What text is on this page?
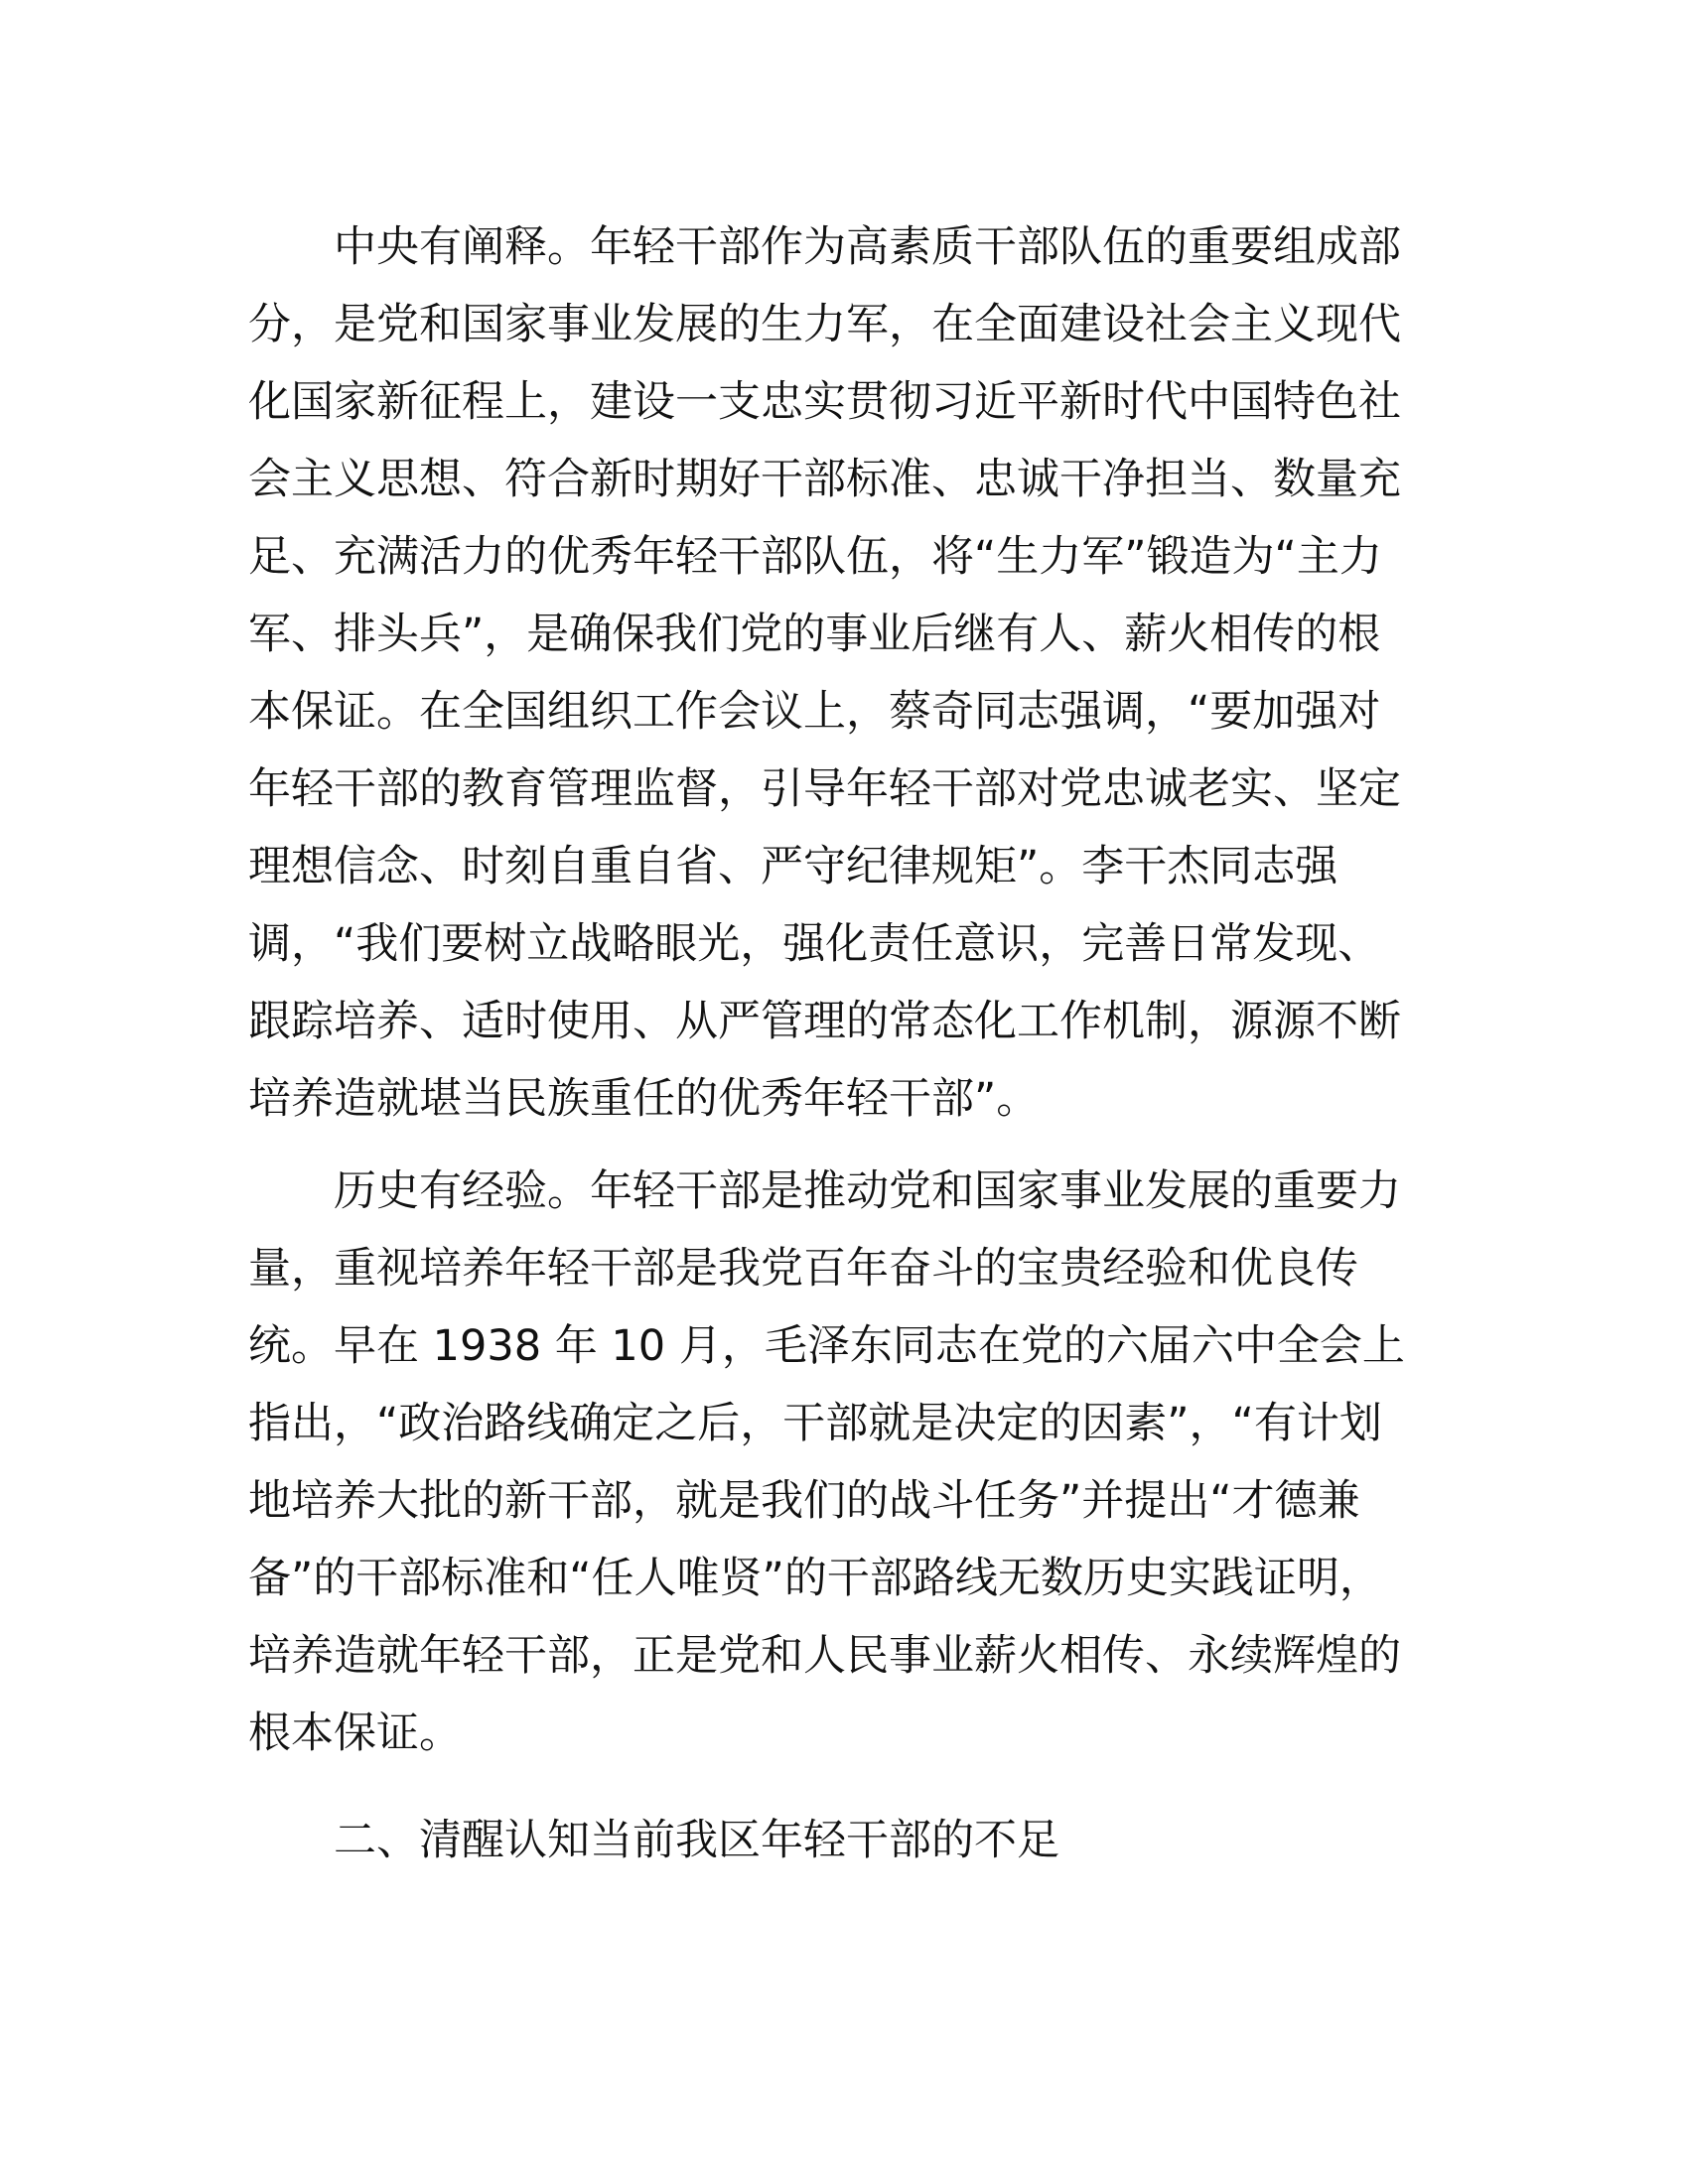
中央有阐释。年轻干部作为高素质干部队伍的重要组成部
分，是党和国家事业发展的生力军，在全面建设社会主义现代
化国家新征程上，建设一支忠实贯彻习近平新时代中国特色社
会主义思想、符合新时期好干部标准、忠诚干净担当、数量充
足、充满活力的优秀年轻干部队伍，将“生力军”锻造为“主力
军、排头兵”，是确保我们党的事业后继有人、薪火相传的根
本保证。在全国组织工作会议上，蔡奇同志强调，“要加强对
年轻干部的教育管理监督，引导年轻干部对党忠诚老实、坚定
理想信念、时刻自重自省、严守纪律规矩”。李干杰同志强
调，“我们要树立战略眼光，强化责任意识，完善日常发现、
跟踪培养、适时使用、从严管理的常态化工作机制，源源不断
培养造就堪当民族重任的优秀年轻干部”。
历史有经验。年轻干部是推动党和国家事业发展的重要力
量，重视培养年轻干部是我党百年奋斗的宝贵经验和优良传
统。早在 1938 年 10 月，毛泽东同志在党的六届六中全会上
指出，“政治路线确定之后，干部就是决定的因素”，“有计划
地培养大批的新干部，就是我们的战斗任务”并提出“才德兼
备”的干部标准和“任人唯贤”的干部路线无数历史实践证明，
培养造就年轻干部，正是党和人民事业薪火相传、永续辉煌的
根本保证。
二、清醒认知当前我区年轻干部的不足
